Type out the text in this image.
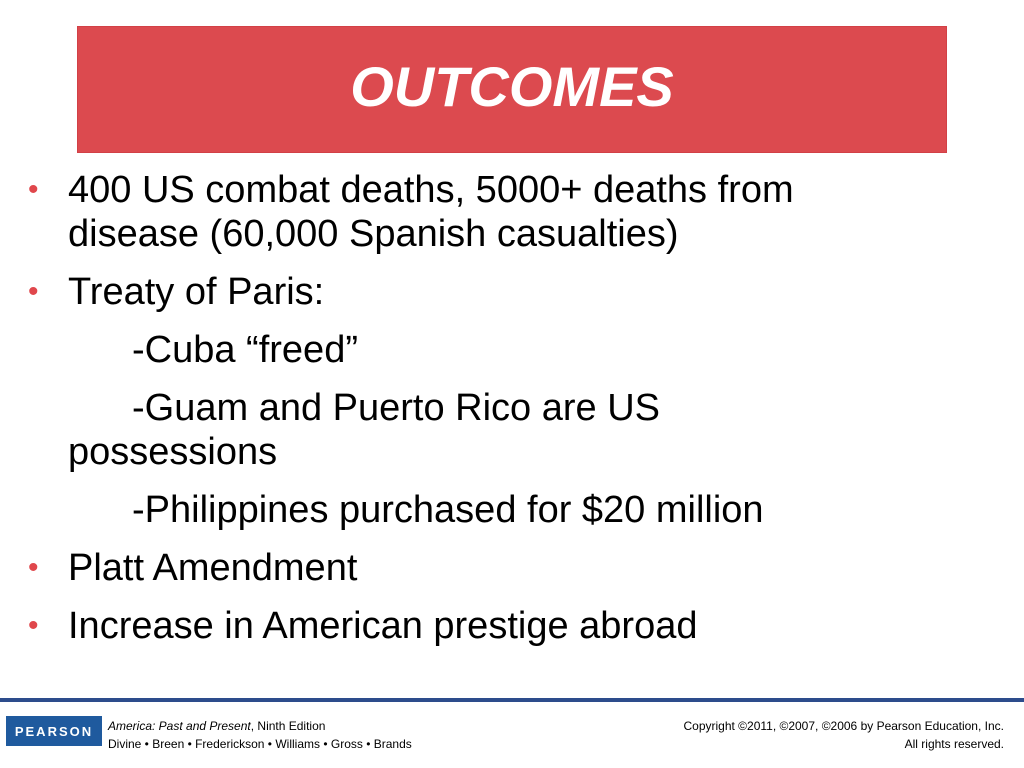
OUTCOMES
• 400 US combat deaths, 5000+ deaths from
disease (60,000 Spanish casualties)
• Treaty of Paris:
-Cuba “freed”
-Guam and Puerto Rico are US
possessions
-Philippines purchased for $20 million
• Platt Amendment
• Increase in American prestige abroad
PEARSON	America: Past and Present, Ninth Edition
Divine • Breen • Frederickson • Williams • Gross • Brands
Copyright ©2011, ©2007, ©2006 by Pearson Education, Inc.
All rights reserved.
